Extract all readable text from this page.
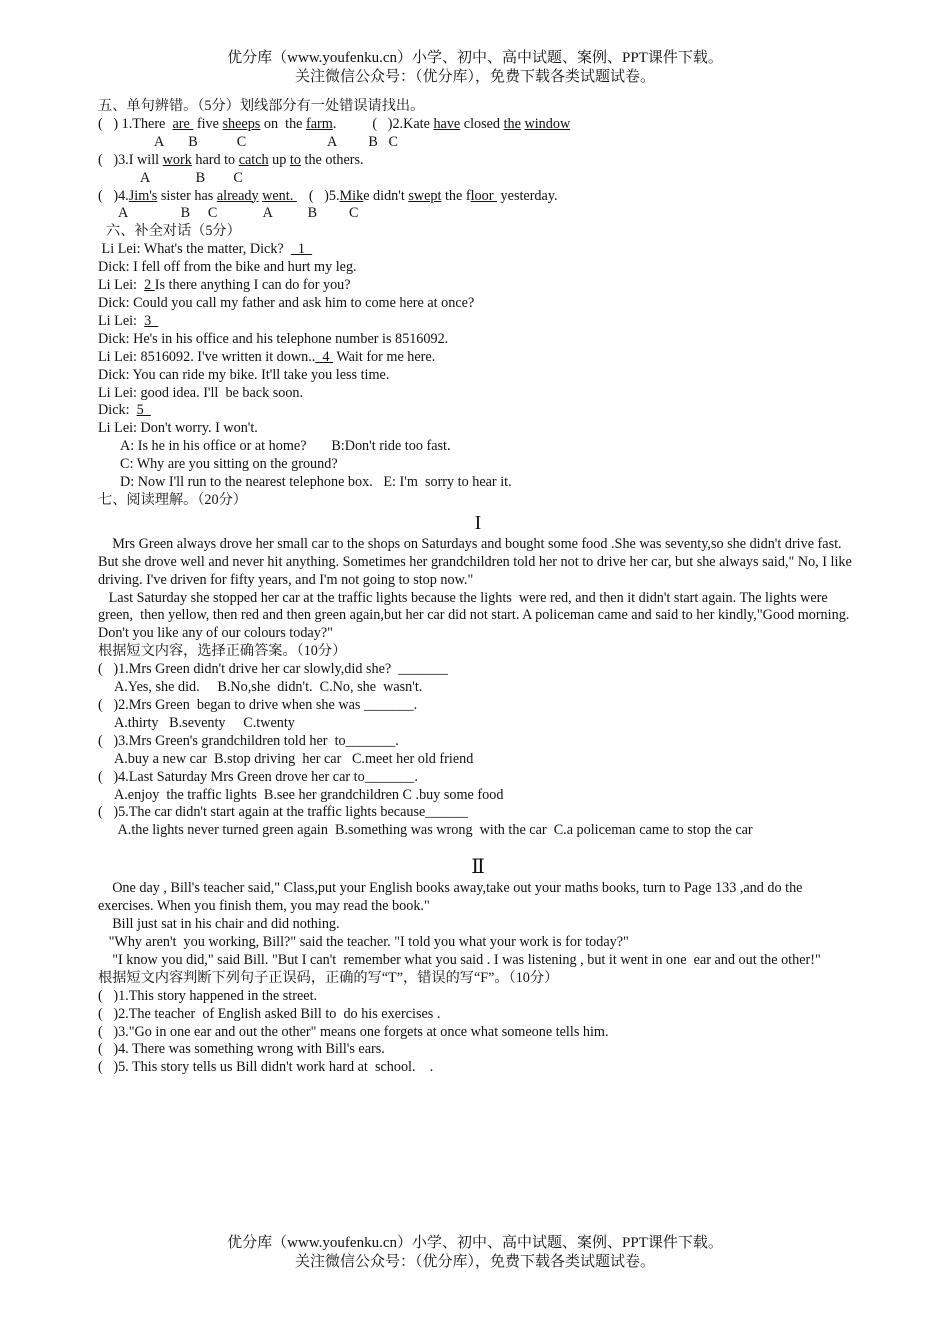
优分库（www.youfenku.cn）小学、初中、高中试题、案例、PPT课件下载。
关注微信公众号：（优分库），免费下载各类试题试卷。

五、单句辨错。（5分）划线部分有一处错误请找出。

(   ) 1.There  are  five sheeps on  the farm.	(   )2.Kate have closed the window

A       B           C                       A         B   C

(   )3.I will work hard to catch up to the others.

A             B        C

(   )4.Jim's sister has already went. (   )5.Mike didn't swept the floor  yesterday.

A               B     C             A          B         C

六、补全对话（5分）

Li Lei: What's the matter, Dick?    1

Dick: I fell off from the bike and hurt my leg.

Li Lei:  2 Is there anything I can do for you?

Dick: Could you call my father and ask him to come here at once?

Li Lei:  3

Dick: He's in his office and his telephone number is 8516092.

Li Lei: 8516092. I've written it down..  4  Wait for me here.

Dick: You can ride my bike. It'll take you less time.

Li Lei: good idea. I'll  be back soon.

Dick:  5

Li Lei: Don't worry. I won't.

A: Is he in his office or at home?       B:Don't ride too fast.

C: Why are you sitting on the ground?

D: Now I'll run to the nearest telephone box.   E: I'm  sorry to hear it.

七、阅读理解。（20分）

I

Mrs Green always drove her small car to the shops on Saturdays and bought some food .She was seventy,so she didn't drive fast. But she drove well and never hit anything. Sometimes her grandchildren told her not to drive her car, but she always said," No, I like driving. I've driven for fifty years, and I'm not going to stop now."

Last Saturday she stopped her car at the traffic lights because the lights  were red, and then it didn't start again. The lights were green,  then yellow, then red and then green again,but her car did not start. A policeman came and said to her kindly,"Good morning. Don't you like any of our colours today?"

根据短文内容，选择正确答案。（10分）

(   )1.Mrs Green didn't drive her car slowly,did she?  _______

A.Yes, she did.     B.No,she  didn't.  C.No, she  wasn't.

(   )2.Mrs Green  began to drive when she was _______.

A.thirty   B.seventy     C.twenty

(   )3.Mrs Green's grandchildren told her  to_______.

A.buy a new car  B.stop driving  her car   C.meet her old friend

(   )4.Last Saturday Mrs Green drove her car to_______.

A.enjoy  the traffic lights  B.see her grandchildren C .buy some food

(   )5.The car didn't start again at the traffic lights because______

A.the lights never turned green again  B.something was wrong  with the car  C.a policeman came to stop the car

Ⅱ

One day , Bill's teacher said," Class,put your English books away,take out your maths books, turn to Page 133 ,and do the exercises. When you finish them, you may read the book."

Bill just sat in his chair and did nothing.

"Why aren't  you working, Bill?" said the teacher. "I told you what your work is for today?"

"I know you did," said Bill. "But I can't  remember what you said . I was listening , but it went in one  ear and out the other!"

根据短文内容判断下列句子正误码，正确的写“T”，错误的写“F”。（10分）

(   )1.This story happened in the street.

(   )2.The teacher  of English asked Bill to  do his exercises .

(   )3."Go in one ear and out the other" means one forgets at once what someone tells him.

(   )4. There was something wrong with Bill's ears.

(   )5. This story tells us Bill didn't work hard at  school.    .

优分库（www.youfenku.cn）小学、初中、高中试题、案例、PPT课件下载。
关注微信公众号：（优分库），免费下载各类试题试卷。
